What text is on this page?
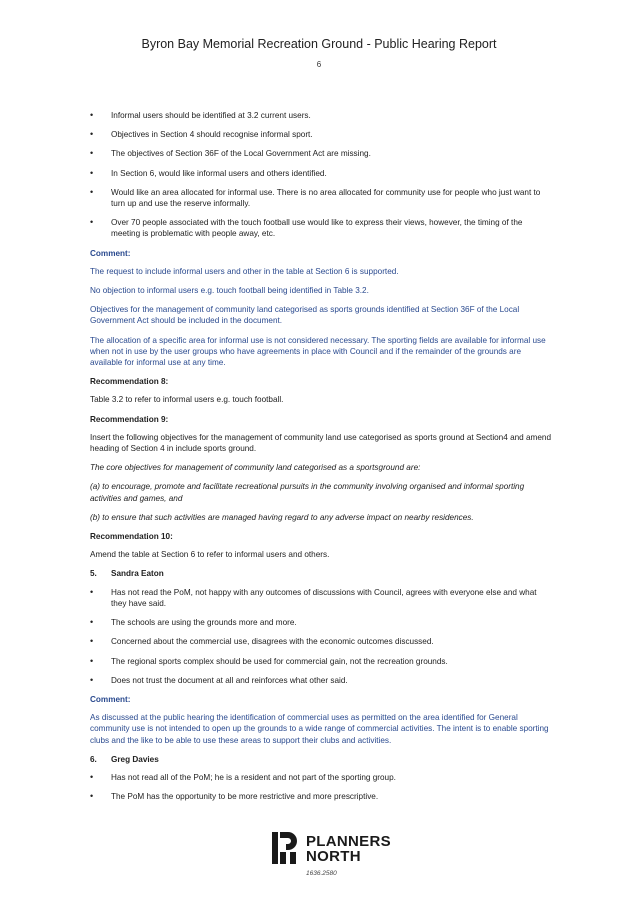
Byron Bay Memorial Recreation Ground - Public Hearing Report
6
• Informal users should be identified at 3.2 current users.
• Objectives in Section 4 should recognise informal sport.
• The objectives of Section 36F of the Local Government Act are missing.
• In Section 6, would like informal users and others identified.
• Would like an area allocated for informal use. There is no area allocated for community use for people who just want to turn up and use the reserve informally.
• Over 70 people associated with the touch football use would like to express their views, however, the timing of the meeting is problematic with people away, etc.
Comment:
The request to include informal users and other in the table at Section 6 is supported.
No objection to informal users e.g. touch football being identified in Table 3.2.
Objectives for the management of community land categorised as sports grounds identified at Section 36F of the Local Government Act should be included in the document.
The allocation of a specific area for informal use is not considered necessary. The sporting fields are available for informal use when not in use by the user groups who have agreements in place with Council and if the remainder of the grounds are available for informal use at any time.
Recommendation 8:
Table 3.2 to refer to informal users e.g. touch football.
Recommendation 9:
Insert the following objectives for the management of community land use categorised as sports ground at Section4 and amend heading of Section 4 in include sports ground.
The core objectives for management of community land categorised as a sportsground are:
(a) to encourage, promote and facilitate recreational pursuits in the community involving organised and informal sporting activities and games, and
(b) to ensure that such activities are managed having regard to any adverse impact on nearby residences.
Recommendation 10:
Amend the table at Section 6 to refer to informal users and others.
5. Sandra Eaton
• Has not read the PoM, not happy with any outcomes of discussions with Council, agrees with everyone else and what they have said.
• The schools are using the grounds more and more.
• Concerned about the commercial use, disagrees with the economic outcomes discussed.
• The regional sports complex should be used for commercial gain, not the recreation grounds.
• Does not trust the document at all and reinforces what other said.
Comment:
As discussed at the public hearing the identification of commercial uses as permitted on the area identified for General community use is not intended to open up the grounds to a wide range of commercial activities. The intent is to enable sporting clubs and the like to be able to use these areas to support their clubs and activities.
6. Greg Davies
• Has not read all of the PoM; he is a resident and not part of the sporting group.
• The PoM has the opportunity to be more restrictive and more prescriptive.
PLANNERS
NORTH
1636.2580
